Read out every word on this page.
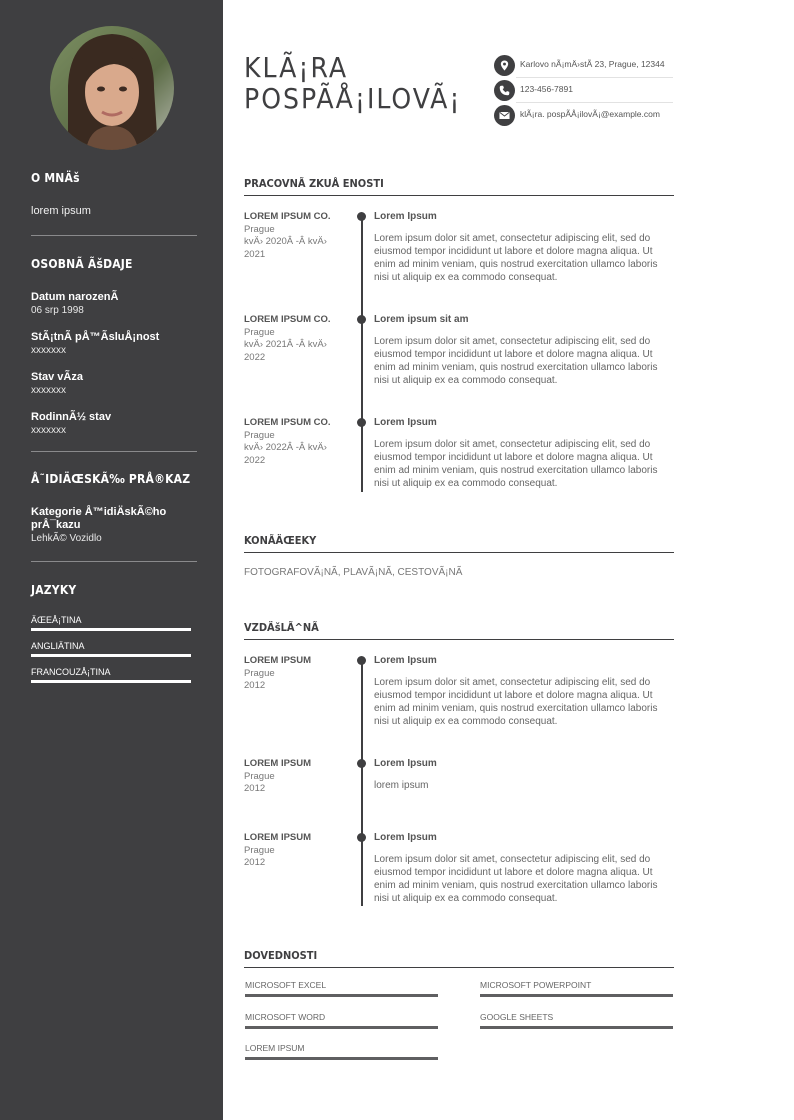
O MNÄš
lorem ipsum
OSOBNÃ ÃšDAJE
Datum narozenÃ
06 srp 1998
StÃ¡tnÃ pÅ™ÃsluÅ¡nost
xxxxxxx
Stav vÃza
xxxxxxx
RodinnÃ½ stav
xxxxxxx
Å˜IDIÄŒSKÃ‰ PRÅ®KAZ
Kategorie Å™idiÄskÃ©ho
prÅ¯kazu
LehkÃ© Vozidlo
JAZYKY
ÄŒEÅ¡TINA
ANGLIÄTINA
FRANCOUZÅ¡TINA
KLÃ¡RA
POSPÃÅ¡ILOVÃ¡
Karlovo nÃ¡mÄ›stÃ 23, Prague, 12344
123-456-7891
klÃ¡ra. pospÃÅ¡ilovÃ¡@example.com
PRACOVNÃ ZKUÅ ENOSTI
LOREM IPSUM CO.
Prague
kvÄ› 2020Â -Â kvÄ›
2021
Lorem Ipsum
Lorem ipsum dolor sit amet, consectetur adipiscing elit, sed do eiusmod tempor incididunt ut labore et dolore magna aliqua. Ut enim ad minim veniam, quis nostrud exercitation ullamco laboris nisi ut aliquip ex ea commodo consequat.
LOREM IPSUM CO.
Prague
kvÄ› 2021Â -Â kvÄ›
2022
Lorem ipsum sit am
Lorem ipsum dolor sit amet, consectetur adipiscing elit, sed do eiusmod tempor incididunt ut labore et dolore magna aliqua. Ut enim ad minim veniam, quis nostrud exercitation ullamco laboris nisi ut aliquip ex ea commodo consequat.
LOREM IPSUM CO.
Prague
kvÄ› 2022Â -Â kvÄ›
2022
Lorem Ipsum
Lorem ipsum dolor sit amet, consectetur adipiscing elit, sed do eiusmod tempor incididunt ut labore et dolore magna aliqua. Ut enim ad minim veniam, quis nostrud exercitation ullamco laboris nisi ut aliquip ex ea commodo consequat.
KONÃÄŒEKY
FOTOGRAFOVÃ¡NÃ, PLAVÃ¡NÃ, CESTOVÃ¡NÃ
VZDÄšLÃ^NÃ
LOREM IPSUM
Prague
2012
Lorem Ipsum
Lorem ipsum dolor sit amet, consectetur adipiscing elit, sed do eiusmod tempor incididunt ut labore et dolore magna aliqua. Ut enim ad minim veniam, quis nostrud exercitation ullamco laboris nisi ut aliquip ex ea commodo consequat.
LOREM IPSUM
Prague
2012
Lorem Ipsum
lorem ipsum
LOREM IPSUM
Prague
2012
Lorem Ipsum
Lorem ipsum dolor sit amet, consectetur adipiscing elit, sed do eiusmod tempor incididunt ut labore et dolore magna aliqua. Ut enim ad minim veniam, quis nostrud exercitation ullamco laboris nisi ut aliquip ex ea commodo consequat.
DOVEDNOSTI
MICROSOFT EXCEL	MICROSOFT POWERPOINT
MICROSOFT WORD	GOOGLE SHEETS
LOREM IPSUM
